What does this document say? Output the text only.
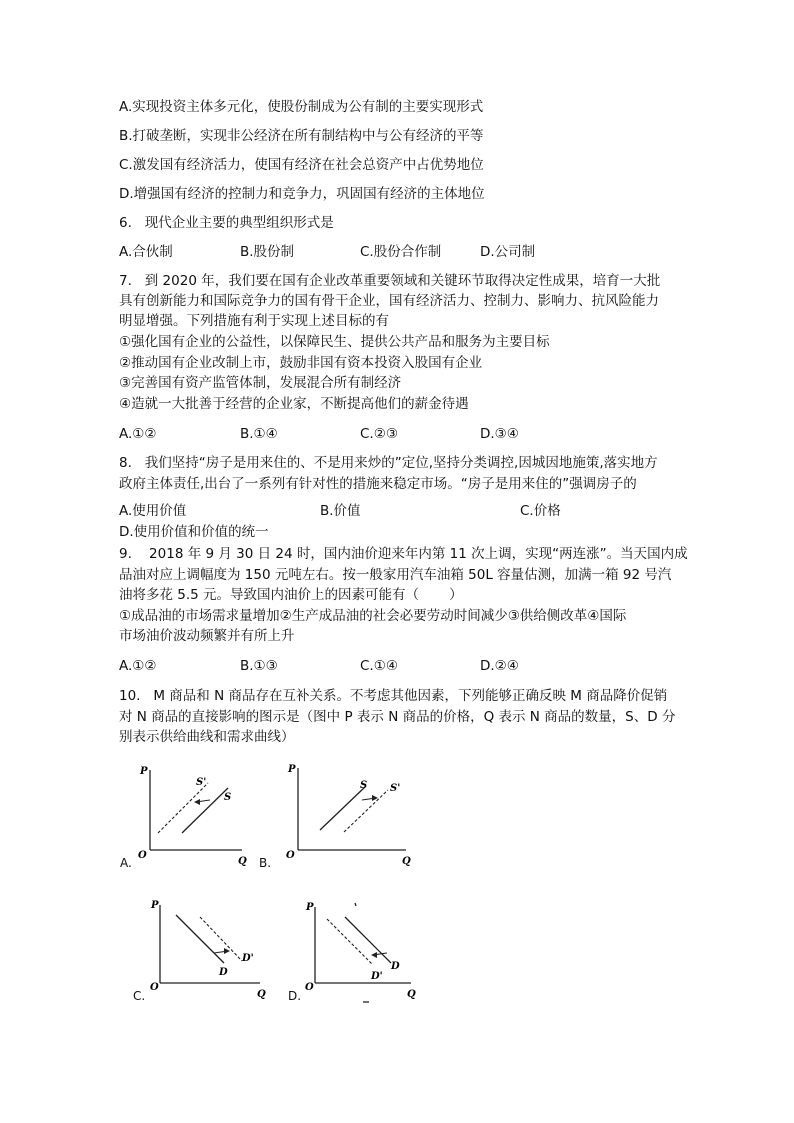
A.实现投资主体多元化，使股份制成为公有制的主要实现形式
B.打破垄断，实现非公经济在所有制结构中与公有经济的平等
C.激发国有经济活力，使国有经济在社会总资产中占优势地位
D.增强国有经济的控制力和竞争力，巩固国有经济的主体地位
6.   现代企业主要的典型组织形式是
A.合伙制	B.股份制	C.股份合作制	D.公司制
7.   到 2020 年，我们要在国有企业改革重要领域和关键环节取得决定性成果，培育一大批
具有创新能力和国际竞争力的国有骨干企业，国有经济活力、控制力、影响力、抗风险能力
明显增强。下列措施有利于实现上述目标的有
①强化国有企业的公益性，以保障民生、提供公共产品和服务为主要目标
②推动国有企业改制上市，鼓励非国有资本投资入股国有企业
③完善国有资产监管体制，发展混合所有制经济
④造就一大批善于经营的企业家，不断提高他们的薪金待遇
A.①②	B.①④	C.②③	D.③④
8.   我们坚持“房子是用来住的、不是用来炒的”定位,坚持分类调控,因城因地施策,落实地方
政府主体责任,出台了一系列有针对性的措施来稳定市场。“房子是用来住的”强调房子的
A.使用价值	B.价值	C.价格
D.使用价值和价值的统一
9.    2018 年 9 月 30 日 24 时，国内油价迎来年内第 11 次上调，实现“两连涨”。当天国内成
品油对应上调幅度为 150 元吨左右。按一般家用汽车油箱 50L 容量估测，加满一箱 92 号汽
油将多花 5.5 元。导致国内油价上的因素可能有（       ）
①成品油的市场需求量增加②生产成品油的社会必要劳动时间减少③供给侧改革④国际
市场油价波动频繁并有所上升
A.①②	B.①③	C.①④	D.②④
10.   M 商品和 N 商品存在互补关系。不考虑其他因素，下列能够正确反映 M 商品降价促销
对 N 商品的直接影响的图示是（图中 P 表示 N 商品的价格，Q 表示 N 商品的数量，S、D 分
别表示供给曲线和需求曲线）
P
Q
O
S'
S
A.
P
Q
O
S S'
B.
P
Q
O
D
D'
C.
P
Q
O
D
D'
D.
